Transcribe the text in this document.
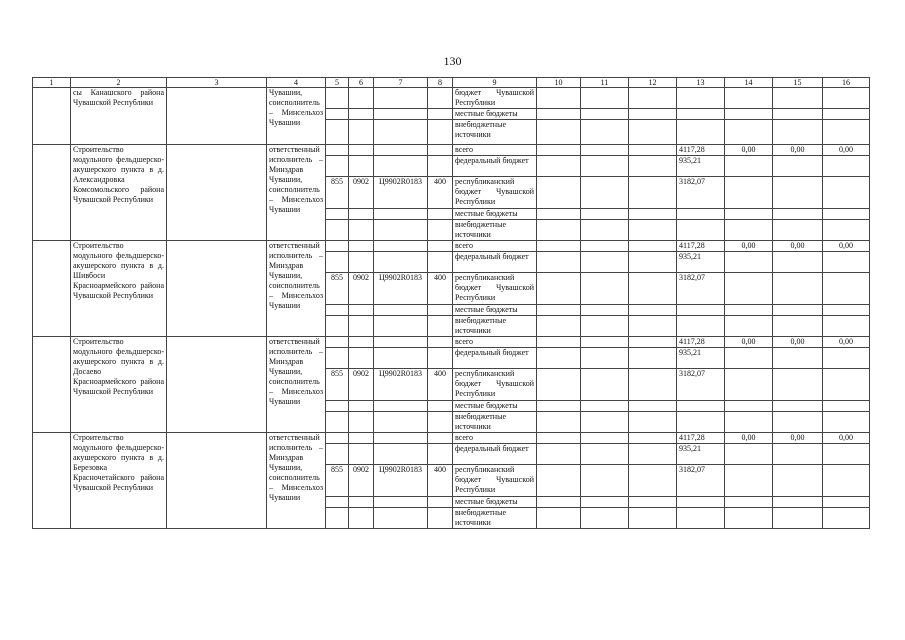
130
1	2	3	4	5	6	7	8	9	10	11	12	13	14	15	16
	сы Канашского района Чувашской Республики		Чувашии, соисполнитель – Минсельхоз Чувашии					бюджет Чувашской Республики							
								местные бюджеты							
								внебюджетные источники							
	Строительство модульного фельдшерско-акушерского пункта в д. Александровка Комсомольского района Чувашской Республики		ответственный исполнитель – Минздрав Чувашии, соисполнитель – Минсельхоз Чувашии					всего				4117,28	0,00	0,00	0,00
								федеральный бюджет				935,21			
				855	0902	Ц9902R0183	400	республиканский бюджет Чувашской Республики				3182,07			
								местные бюджеты							
								внебюджетные источники							
	Строительство модульного фельдшерско-акушерского пункта в д. Шивбоси Красноармейского района Чувашской Республики		ответственный исполнитель – Минздрав Чувашии, соисполнитель – Минсельхоз Чувашии					всего				4117,28	0,00	0,00	0,00
								федеральный бюджет				935,21			
				855	0902	Ц9902R0183	400	республиканский бюджет Чувашской Республики				3182,07			
								местные бюджеты							
								внебюджетные источники							
	Строительство модульного фельдшерско-акушерского пункта в д. Досаево Красноармейского района Чувашской Республики		ответственный исполнитель – Минздрав Чувашии, соисполнитель – Минсельхоз Чувашии					всего				4117,28	0,00	0,00	0,00
								федеральный бюджет				935,21			
				855	0902	Ц9902R0183	400	республиканский бюджет Чувашской Республики				3182,07			
								местные бюджеты							
								внебюджетные источники							
	Строительство модульного фельдшерско-акушерского пункта в д. Березовка Красночетайского района Чувашской Республики		ответственный исполнитель – Минздрав Чувашии, соисполнитель – Минсельхоз Чувашии					всего				4117,28	0,00	0,00	0,00
								федеральный бюджет				935,21			
				855	0902	Ц9902R0183	400	республиканский бюджет Чувашской Республики				3182,07			
								местные бюджеты							
								внебюджетные источники							
